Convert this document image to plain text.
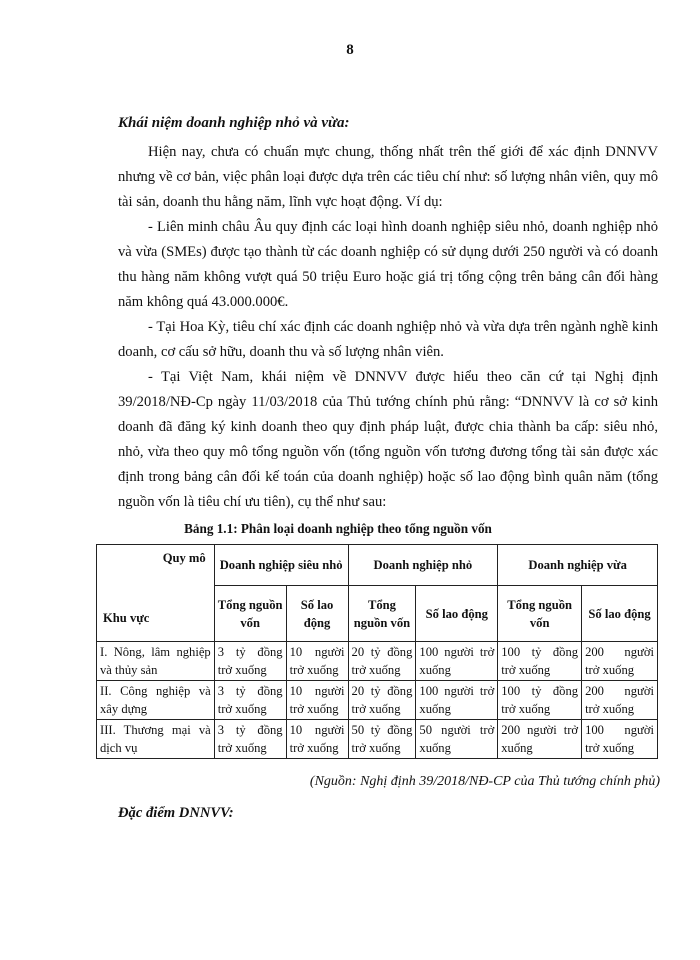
8
Khái niệm doanh nghiệp nhỏ và vừa:

Hiện nay, chưa có chuẩn mực chung, thống nhất trên thế giới để xác định DNNVV nhưng về cơ bản, việc phân loại được dựa trên các tiêu chí như: số lượng nhân viên, quy mô tài sản, doanh thu hằng năm, lĩnh vực hoạt động. Ví dụ:

- Liên minh châu Âu quy định các loại hình doanh nghiệp siêu nhỏ, doanh nghiệp nhỏ và vừa (SMEs) được tạo thành từ các doanh nghiệp có sử dụng dưới 250 người và có doanh thu hàng năm không vượt quá 50 triệu Euro hoặc giá trị tổng cộng trên bảng cân đối hàng năm không quá 43.000.000€.

- Tại Hoa Kỳ, tiêu chí xác định các doanh nghiệp nhỏ và vừa dựa trên ngành nghề kinh doanh, cơ cấu sở hữu, doanh thu và số lượng nhân viên.

- Tại Việt Nam, khái niệm về DNNVV được hiểu theo căn cứ tại Nghị định 39/2018/NĐ-Cp ngày 11/03/2018 của Thủ tướng chính phủ rằng: “DNNVV là cơ sở kinh doanh đã đăng ký kinh doanh theo quy định pháp luật, được chia thành ba cấp: siêu nhỏ, nhỏ, vừa theo quy mô tổng nguồn vốn (tổng nguồn vốn tương đương tổng tài sản được xác định trong bảng cân đối kế toán của doanh nghiệp) hoặc số lao động bình quân năm (tổng nguồn vốn là tiêu chí ưu tiên), cụ thể như sau:

Bảng 1.1: Phân loại doanh nghiệp theo tổng nguồn vốn
Quy mô
Khu vực	Doanh nghiệp siêu nhỏ		Doanh nghiệp nhỏ		Doanh nghiệp vừa	
	Tổng nguồn vốn	Số lao động	Tổng nguồn vốn	Số lao động	Tổng nguồn vốn	Số lao động
I. Nông, lâm nghiệp và thủy sản	3 tỷ đồng trở xuống	10 người trở xuống	20 tỷ đồng trở xuống	100 người trở xuống	100 tỷ đồng trở xuống	200 người trở xuống
II. Công nghiệp và xây dựng	3 tỷ đồng trở xuống	10 người trở xuống	20 tỷ đồng trở xuống	100 người trở xuống	100 tỷ đồng trở xuống	200 người trở xuống
III. Thương mại và dịch vụ	3 tỷ đồng trở xuống	10 người trở xuống	50 tỷ đồng trở xuống	50 người trở xuống	200 người trở xuống	100 người trở xuống
(Nguồn: Nghị định 39/2018/NĐ-CP của Thủ tướng chính phủ)
Đặc điểm DNNVV:
